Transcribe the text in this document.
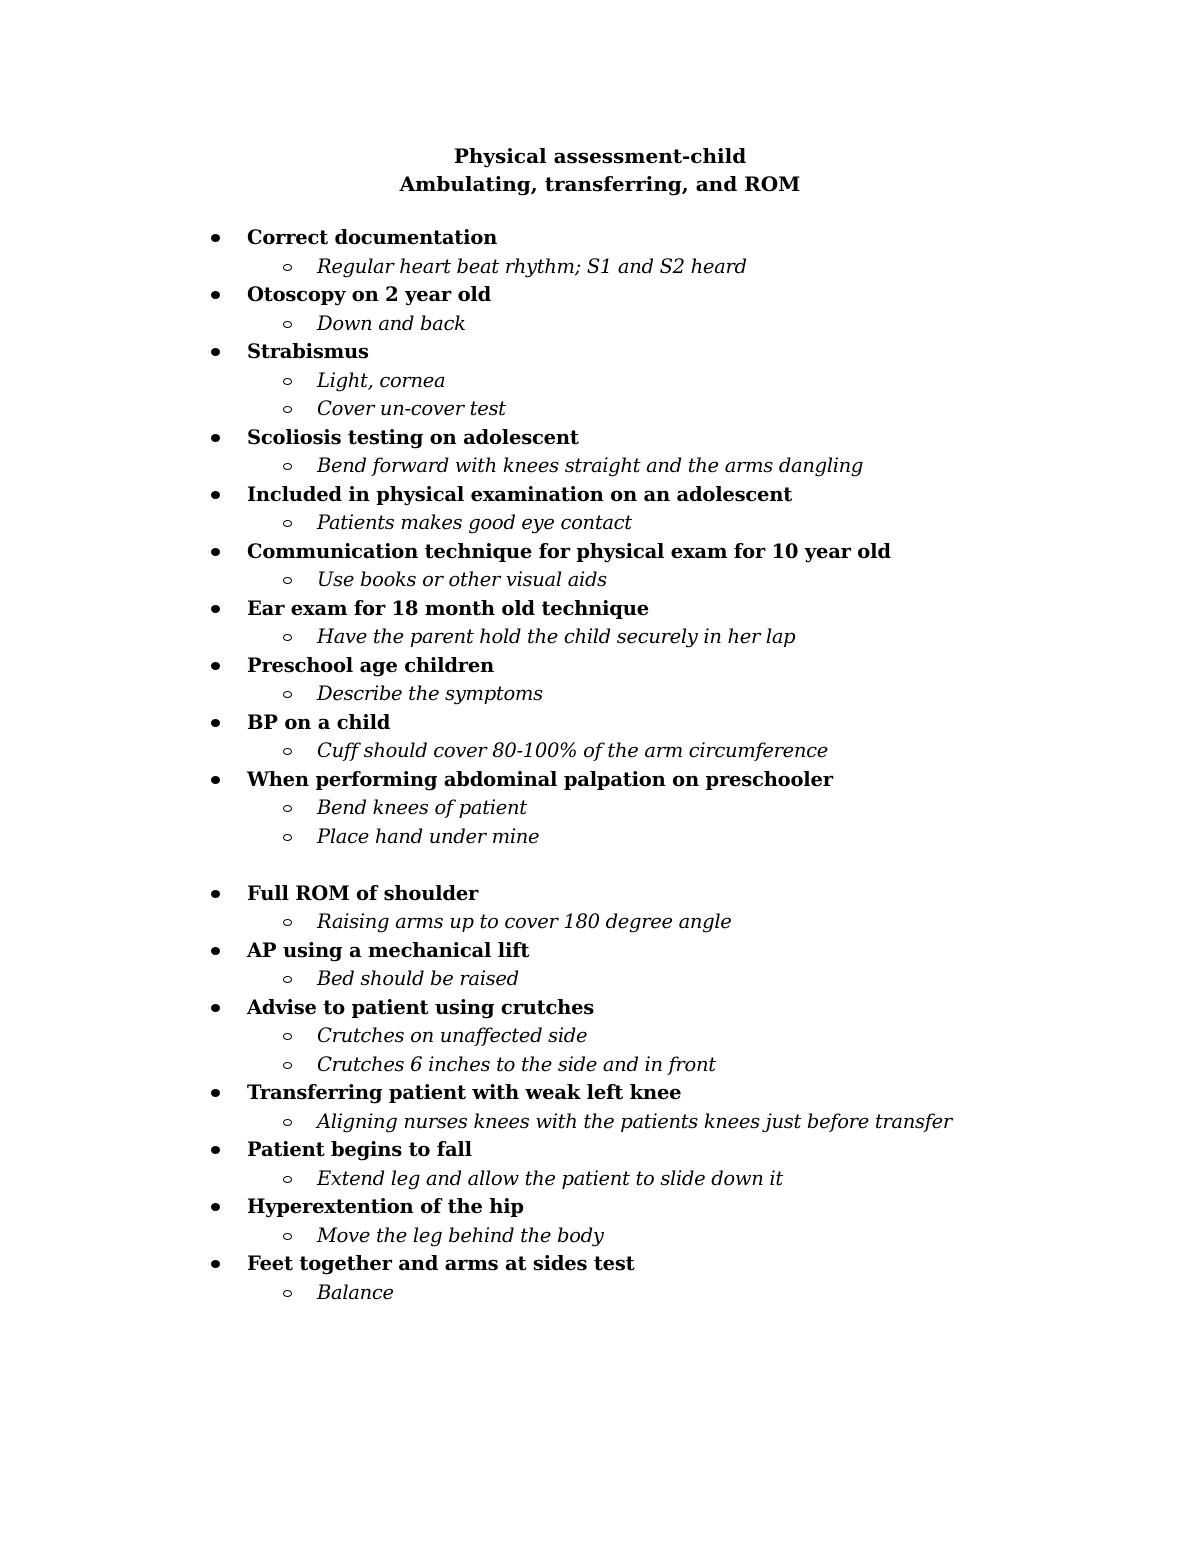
Physical assessment-child
Ambulating, transferring, and ROM
Correct documentation
Regular heart beat rhythm; S1 and S2 heard
Otoscopy on 2 year old
Down and back
Strabismus
Light, cornea
Cover un-cover test
Scoliosis testing on adolescent
Bend forward with knees straight and the arms dangling
Included in physical examination on an adolescent
Patients makes good eye contact
Communication technique for physical exam for 10 year old
Use books or other visual aids
Ear exam for 18 month old technique
Have the parent hold the child securely in her lap
Preschool age children
Describe the symptoms
BP on a child
Cuff should cover 80-100% of the arm circumference
When performing abdominal palpation on preschooler
Bend knees of patient
Place hand under mine
Full ROM of shoulder
Raising arms up to cover 180 degree angle
AP using a mechanical lift
Bed should be raised
Advise to patient using crutches
Crutches on unaffected side
Crutches 6 inches to the side and in front
Transferring patient with weak left knee
Aligning nurses knees with the patients knees just before transfer
Patient begins to fall
Extend leg and allow the patient to slide down it
Hyperextention of the hip
Move the leg behind the body
Feet together and arms at sides test
Balance
